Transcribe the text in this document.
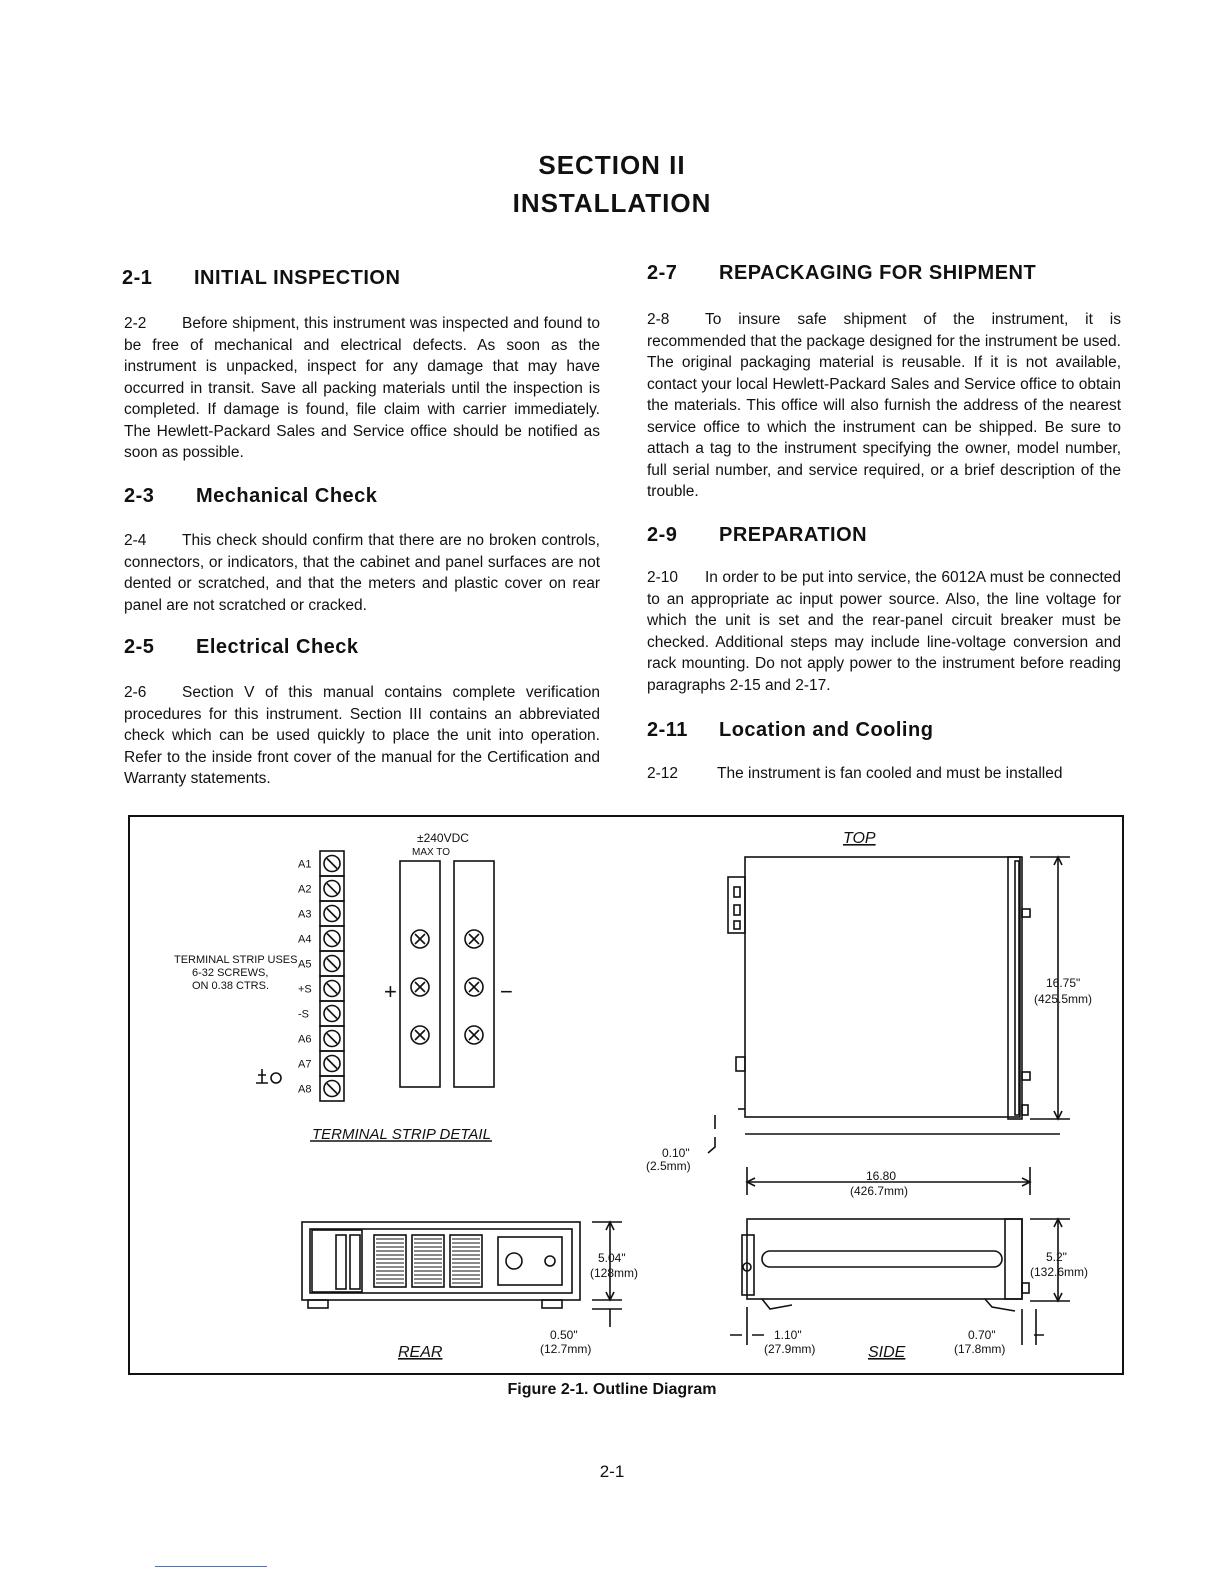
SECTION II
INSTALLATION
2-1 INITIAL INSPECTION

2-2 Before shipment, this instrument was inspected and found to be free of mechanical and electrical defects. As soon as the instrument is unpacked, inspect for any damage that may have occurred in transit. Save all packing materials until the inspection is completed. If damage is found, file claim with carrier immediately. The Hewlett-Packard Sales and Service office should be notified as soon as possible.

2-3 Mechanical Check

2-4 This check should confirm that there are no broken controls, connectors, or indicators, that the cabinet and panel surfaces are not dented or scratched, and that the meters and plastic cover on rear panel are not scratched or cracked.

2-5 Electrical Check

2-6 Section V of this manual contains complete verification procedures for this instrument. Section III contains an abbreviated check which can be used quickly to place the unit into operation. Refer to the inside front cover of the manual for the Certification and Warranty statements.

2-7 REPACKAGING FOR SHIPMENT

2-8 To insure safe shipment of the instrument, it is recommended that the package designed for the instrument be used. The original packaging material is reusable. If it is not available, contact your local Hewlett-Packard Sales and Service office to obtain the materials. This office will also furnish the address of the nearest service office to which the instrument can be shipped. Be sure to attach a tag to the instrument specifying the owner, model number, full serial number, and service required, or a brief description of the trouble.

2-9 PREPARATION

2-10 In order to be put into service, the 6012A must be connected to an appropriate ac input power source. Also, the line voltage for which the unit is set and the rear-panel circuit breaker must be checked. Additional steps may include line-voltage conversion and rack mounting. Do not apply power to the instrument before reading paragraphs 2-15 and 2-17.

2-11 Location and Cooling

2-12	The instrument is fan cooled and must be installed

±240VDC
MAX TO
TERMINAL STRIP USES
6-32 SCREWS,
ON 0.38 CTRS.	+	−
TERMINAL STRIP DETAIL
TOP
16.75"
(425.5mm)
0.10"
(2.5mm)
16.80
(426.7mm)
5.04"
(128mm)
0.50"
(12.7mm)
REAR
5.2"
(132.6mm)
1.10"
(27.9mm)
0.70"
(17.8mm)
SIDE
A1
A2
A3
A4
A5
+S
-S
A6
A7
A8
Figure 2-1. Outline Diagram
2-1
